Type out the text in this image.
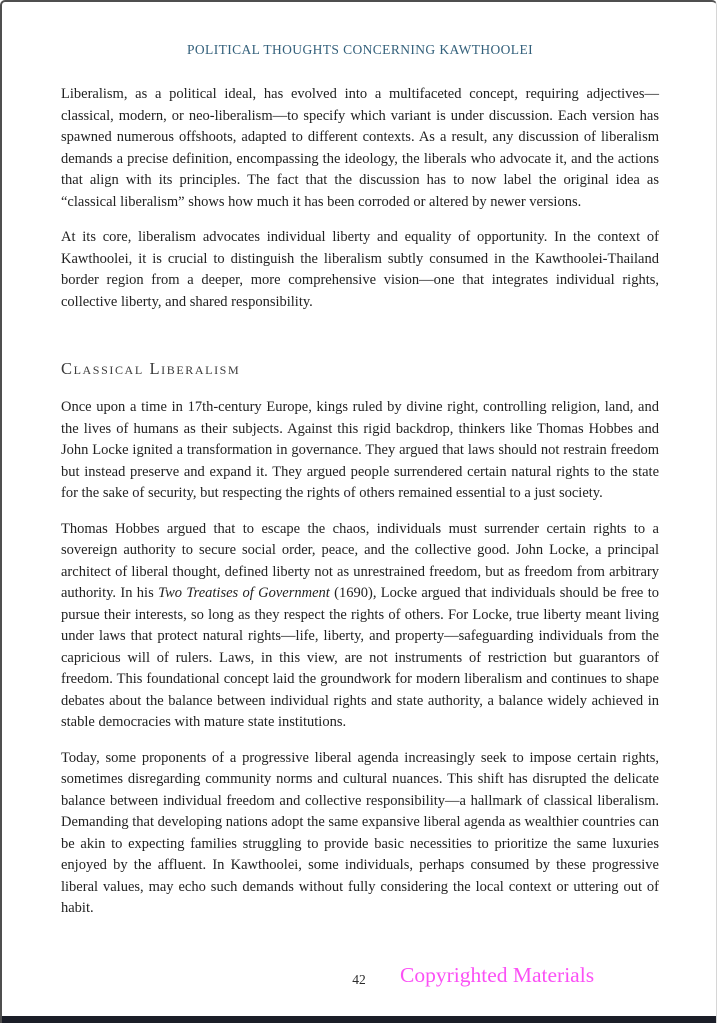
POLITICAL THOUGHTS CONCERNING KAWTHOOLEI

Liberalism, as a political ideal, has evolved into a multifaceted concept, requiring adjectives—classical, modern, or neo-liberalism—to specify which variant is under discussion. Each version has spawned numerous offshoots, adapted to different contexts. As a result, any discussion of liberalism demands a precise definition, encompassing the ideology, the liberals who advocate it, and the actions that align with its principles. The fact that the discussion has to now label the original idea as “classical liberalism” shows how much it has been corroded or altered by newer versions.

At its core, liberalism advocates individual liberty and equality of opportunity. In the context of Kawthoolei, it is crucial to distinguish the liberalism subtly consumed in the Kawthoolei-Thailand border region from a deeper, more comprehensive vision—one that integrates individual rights, collective liberty, and shared responsibility.

Classical Liberalism

Once upon a time in 17th-century Europe, kings ruled by divine right, controlling religion, land, and the lives of humans as their subjects. Against this rigid backdrop, thinkers like Thomas Hobbes and John Locke ignited a transformation in governance. They argued that laws should not restrain freedom but instead preserve and expand it. They argued people surrendered certain natural rights to the state for the sake of security, but respecting the rights of others remained essential to a just society.

Thomas Hobbes argued that to escape the chaos, individuals must surrender certain rights to a sovereign authority to secure social order, peace, and the collective good. John Locke, a principal architect of liberal thought, defined liberty not as unrestrained freedom, but as freedom from arbitrary authority. In his Two Treatises of Government (1690), Locke argued that individuals should be free to pursue their interests, so long as they respect the rights of others. For Locke, true liberty meant living under laws that protect natural rights—life, liberty, and property—safeguarding individuals from the capricious will of rulers. Laws, in this view, are not instruments of restriction but guarantors of freedom. This foundational concept laid the groundwork for modern liberalism and continues to shape debates about the balance between individual rights and state authority, a balance widely achieved in stable democracies with mature state institutions.

Today, some proponents of a progressive liberal agenda increasingly seek to impose certain rights, sometimes disregarding community norms and cultural nuances. This shift has disrupted the delicate balance between individual freedom and collective responsibility—a hallmark of classical liberalism. Demanding that developing nations adopt the same expansive liberal agenda as wealthier countries can be akin to expecting families struggling to provide basic necessities to prioritize the same luxuries enjoyed by the affluent. In Kawthoolei, some individuals, perhaps consumed by these progressive liberal values, may echo such demands without fully considering the local context or uttering out of habit.

42	Copyrighted Materials
